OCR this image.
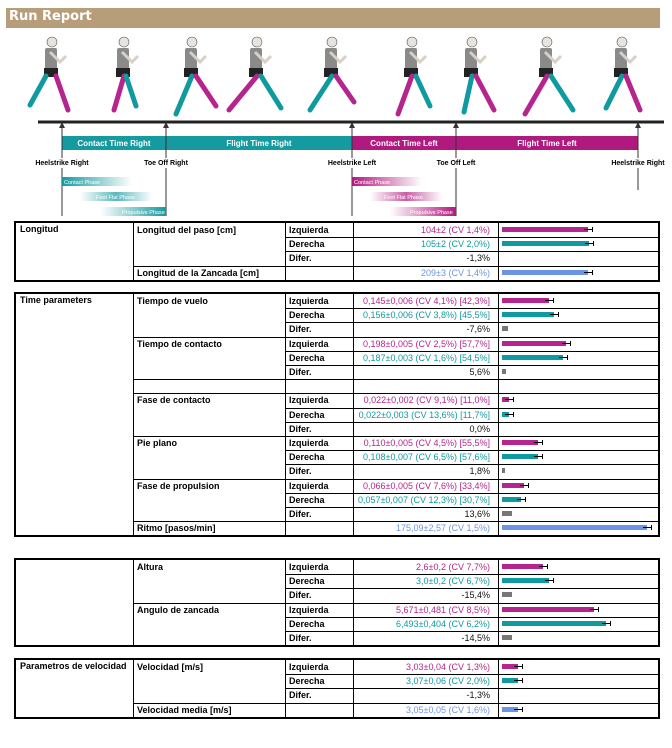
Run Report
Contact Time Right	Flight Time Right	Contact Time Left	Flight Time Left
Heelstrike Right	Toe Off Right	Heelstrike Left	Toe Off Left	Heelstrike Right
Contact Phase
Foot Flat Phase
Propulsive Phase
Contact Phase
Foot Flat Phase
Propulsive Phase
Longitud	Longitud del paso [cm]	Izquierda	104±2 (CV 1,4%)
Derecha	105±2 (CV 2,0%)
Difer.	-1,3%
Longitud de la Zancada [cm]	209±3 (CV 1,4%)
Time parameters	Tiempo de vuelo	Izquierda	0,145±0,006 (CV 4,1%) [42,3%]
Derecha	0,156±0,006 (CV 3,8%) [45,5%]
Difer.	-7,6%
Tiempo de contacto	Izquierda	0,198±0,005 (CV 2,5%) [57,7%]
Derecha	0,187±0,003 (CV 1,6%) [54,5%]
Difer.	5,6%
Fase de contacto	Izquierda	0,022±0,002 (CV 9,1%) [11,0%]
Derecha	0,022±0,003 (CV 13,6%) [11,7%]
Difer.	0,0%
Pie plano	Izquierda	0,110±0,005 (CV 4,5%) [55,5%]
Derecha	0,108±0,007 (CV 6,5%) [57,6%]
Difer.	1,8%
Fase de propulsion	Izquierda	0,066±0,005 (CV 7,6%) [33,4%]
Derecha	0,057±0,007 (CV 12,3%) [30,7%]
Difer.	13,6%
Ritmo [pasos/min]	175,09±2,57 (CV 1,5%)
Altura	Izquierda	2,6±0,2 (CV 7,7%)
Derecha	3,0±0,2 (CV 6,7%)
Difer.	-15,4%
Angulo de zancada	Izquierda	5,671±0,481 (CV 8,5%)
Derecha	6,493±0,404 (CV 6,2%)
Difer.	-14,5%
Parametros de velocidad	Velocidad [m/s]	Izquierda	3,03±0,04 (CV 1,3%)
Derecha	3,07±0,06 (CV 2,0%)
Difer.	-1,3%
Velocidad media [m/s]	3,05±0,05 (CV 1,6%)
